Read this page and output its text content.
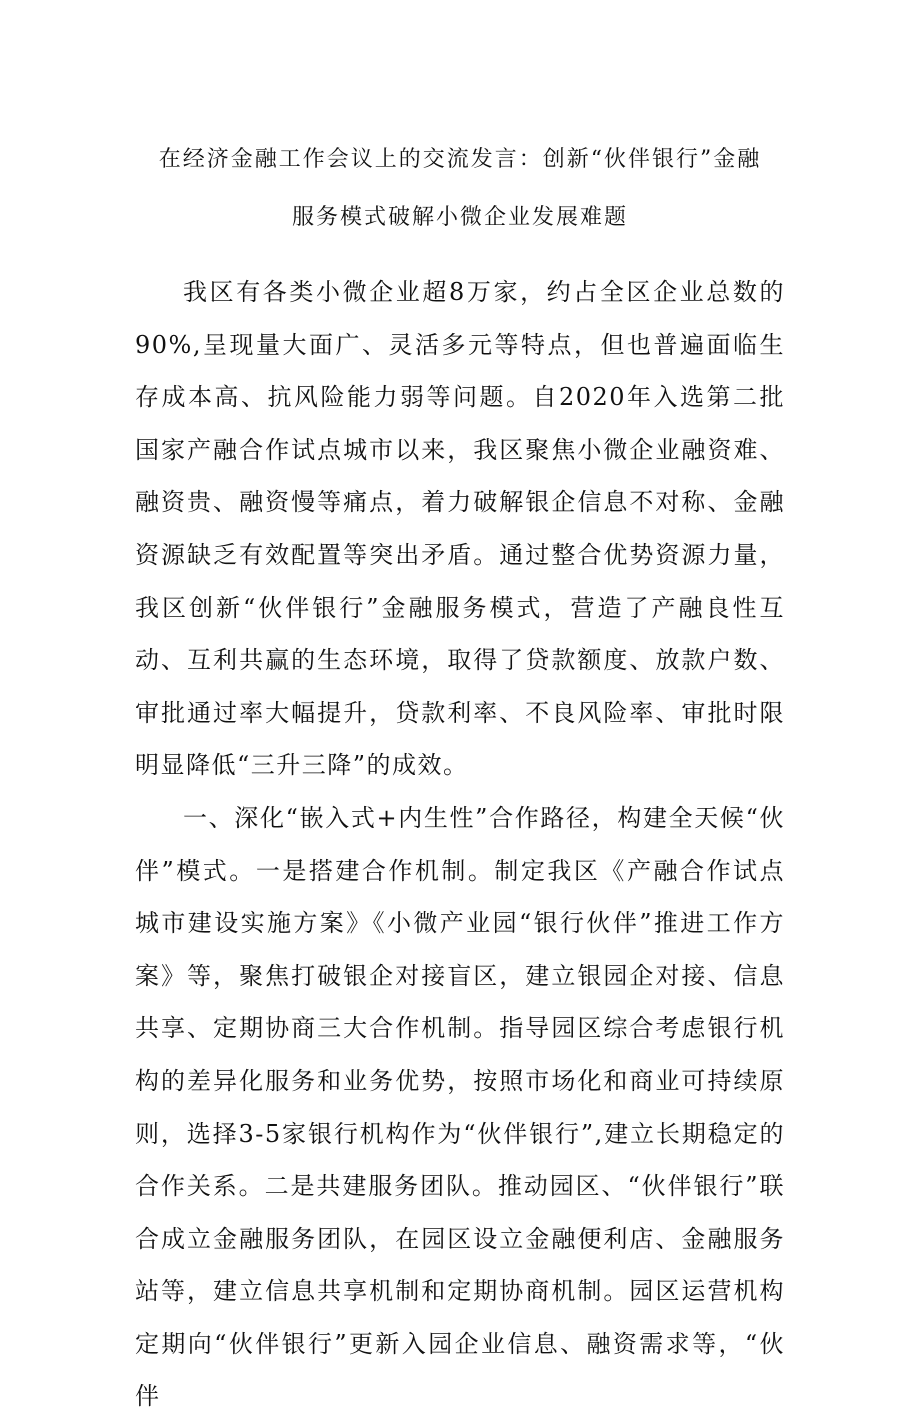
在经济金融工作会议上的交流发言：创新“伙伴银行”金融
服务模式破解小微企业发展难题

我区有各类小微企业超8万家，约占全区企业总数的90%,呈现量大面广、灵活多元等特点，但也普遍面临生存成本高、抗风险能力弱等问题。自2020年入选第二批国家产融合作试点城市以来，我区聚焦小微企业融资难、融资贵、融资慢等痛点，着力破解银企信息不对称、金融资源缺乏有效配置等突出矛盾。通过整合优势资源力量，我区创新“伙伴银行”金融服务模式，营造了产融良性互动、互利共赢的生态环境，取得了贷款额度、放款户数、审批通过率大幅提升，贷款利率、不良风险率、审批时限明显降低“三升三降”的成效。

一、深化“嵌入式+内生性”合作路径，构建全天候“伙伴”模式。一是搭建合作机制。制定我区《产融合作试点城市建设实施方案》《小微产业园“银行伙伴”推进工作方案》等，聚焦打破银企对接盲区，建立银园企对接、信息共享、定期协商三大合作机制。指导园区综合考虑银行机构的差异化服务和业务优势，按照市场化和商业可持续原则，选择3-5家银行机构作为“伙伴银行”,建立长期稳定的合作关系。二是共建服务团队。推动园区、“伙伴银行”联合成立金融服务团队，在园区设立金融便利店、金融服务站等，建立信息共享机制和定期协商机制。园区运营机构定期向“伙伴银行”更新入园企业信息、融资需求等，“伙伴
